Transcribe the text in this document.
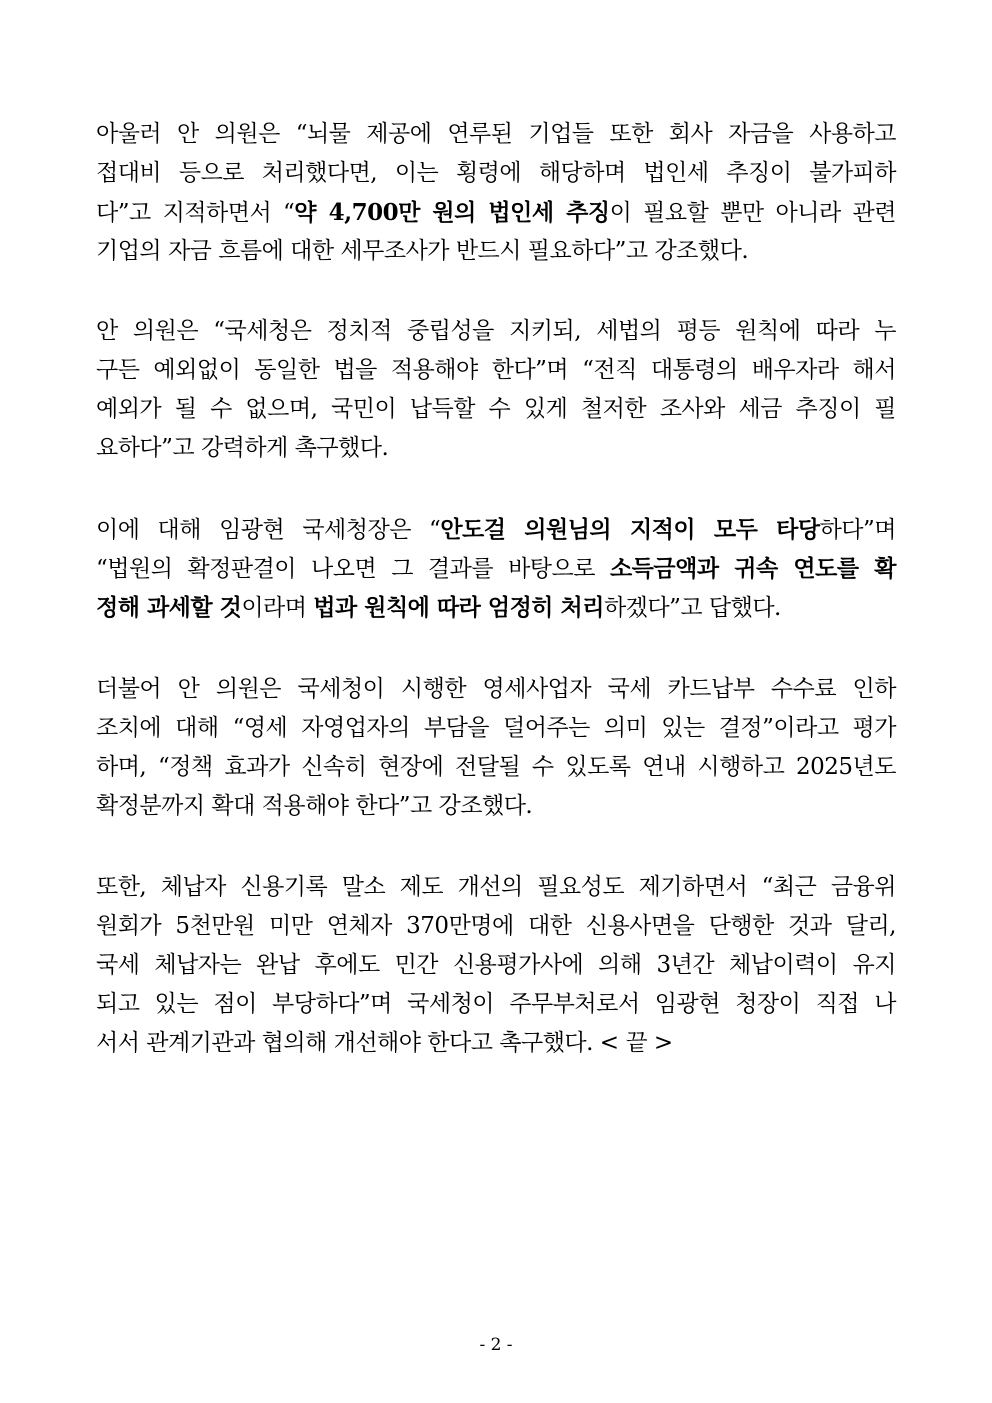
아울러 안 의원은 “뇌물 제공에 연루된 기업들 또한 회사 자금을 사용하고
접대비 등으로 처리했다면, 이는 횡령에 해당하며 법인세 추징이 불가피하
다”고 지적하면서 “약 4,700만 원의 법인세 추징이 필요할 뿐만 아니라 관련
기업의 자금 흐름에 대한 세무조사가 반드시 필요하다”고 강조했다.
안 의원은 “국세청은 정치적 중립성을 지키되, 세법의 평등 원칙에 따라 누
구든 예외없이 동일한 법을 적용해야 한다”며 “전직 대통령의 배우자라 해서
예외가 될 수 없으며, 국민이 납득할 수 있게 철저한 조사와 세금 추징이 필
요하다”고 강력하게 촉구했다.
이에 대해 임광현 국세청장은 “안도걸 의원님의 지적이 모두 타당하다”며
“법원의 확정판결이 나오면 그 결과를 바탕으로 소득금액과 귀속 연도를 확
정해 과세할 것이라며 법과 원칙에 따라 엄정히 처리하겠다”고 답했다.
더불어 안 의원은 국세청이 시행한 영세사업자 국세 카드납부 수수료 인하
조치에 대해 “영세 자영업자의 부담을 덜어주는 의미 있는 결정”이라고 평가
하며, “정책 효과가 신속히 현장에 전달될 수 있도록 연내 시행하고 2025년도
확정분까지 확대 적용해야 한다”고 강조했다.
또한, 체납자 신용기록 말소 제도 개선의 필요성도 제기하면서 “최근 금융위
원회가 5천만원 미만 연체자 370만명에 대한 신용사면을 단행한 것과 달리,
국세 체납자는 완납 후에도 민간 신용평가사에 의해 3년간 체납이력이 유지
되고 있는 점이 부당하다”며 국세청이 주무부처로서 임광현 청장이 직접 나
서서 관계기관과 협의해 개선해야 한다고 촉구했다. < 끝 >
- 2 -
